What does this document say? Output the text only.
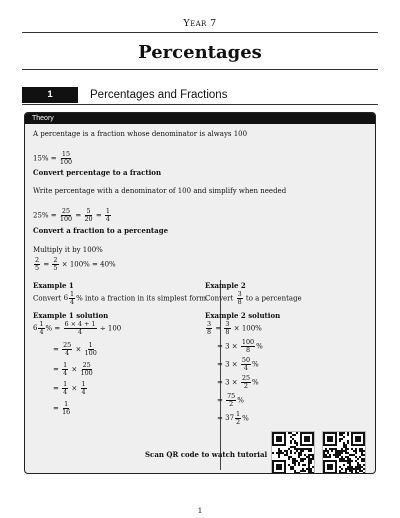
Year 7
Percentages
1	Percentages and Fractions
Theory
A percentage is a fraction whose denominator is always 100
$15\% = \frac{15}{100}$
Convert percentage to a fraction
Write percentage with a denominator of 100 and simplify when needed
$25\% = \frac{25}{100} = \frac{5}{20} = \frac{1}{4}$
Convert a fraction to a percentage
Multiply it by 100%
$\frac{2}{5} = \frac{2}{5} \times 100\% = 40\%$
Example 1
Convert $6 \frac{1}{4}$ % into a fraction in its simplest form.
Example 1 solution
$6 \frac{1}{4}$ % = $\frac{6 \times 4 + 1}{4} \div 100$
= $\frac{25}{4} \times \frac{1}{100}$
= $\frac{1}{4} \times \frac{25}{100}$
= $\frac{1}{4} \times \frac{1}{4}$
= $\frac{1}{16}$
Example 2
Convert $\frac{3}{8}$ to a percentage
Example 2 solution
$\frac{3}{8} = \frac{3}{8} \times 100\%$
= $3 \times \frac{100}{8}$ %
= $3 \times \frac{50}{4}$ %
= $3 \times \frac{25}{2}$ %
= $\frac{75}{2}$ %
= $37 \frac{1}{2}$ %
Scan QR code to watch tutorial
1
